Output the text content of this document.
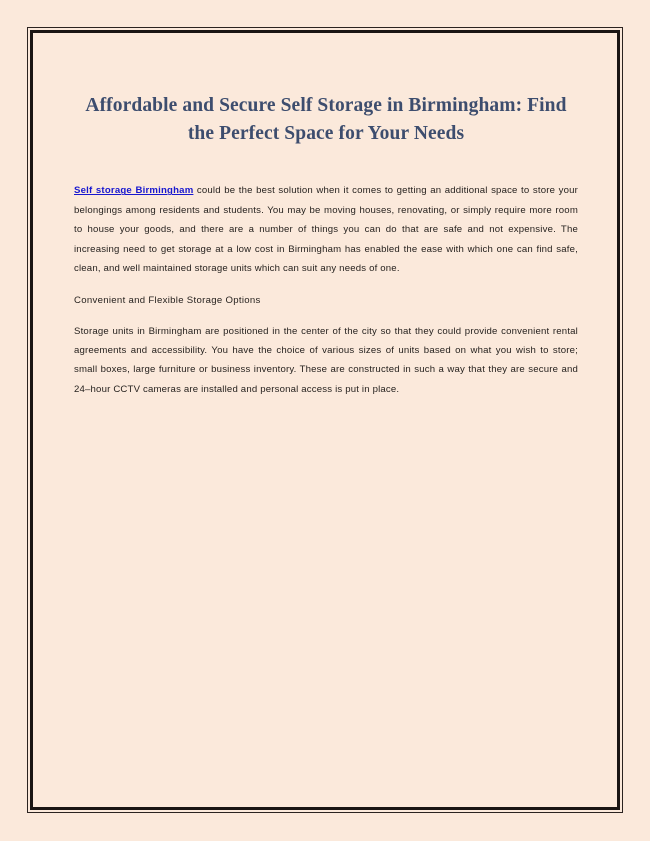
Affordable and Secure Self Storage in Birmingham: Find the Perfect Space for Your Needs

Self storage Birmingham could be the best solution when it comes to getting an additional space to store your belongings among residents and students. You may be moving houses, renovating, or simply require more room to house your goods, and there are a number of things you can do that are safe and not expensive. The increasing need to get storage at a low cost in Birmingham has enabled the ease with which one can find safe, clean, and well maintained storage units which can suit any needs of one.

Convenient and Flexible Storage Options

Storage units in Birmingham are positioned in the center of the city so that they could provide convenient rental agreements and accessibility. You have the choice of various sizes of units based on what you wish to store; small boxes, large furniture or business inventory. These are constructed in such a way that they are secure and 24–hour CCTV cameras are installed and personal access is put in place.
